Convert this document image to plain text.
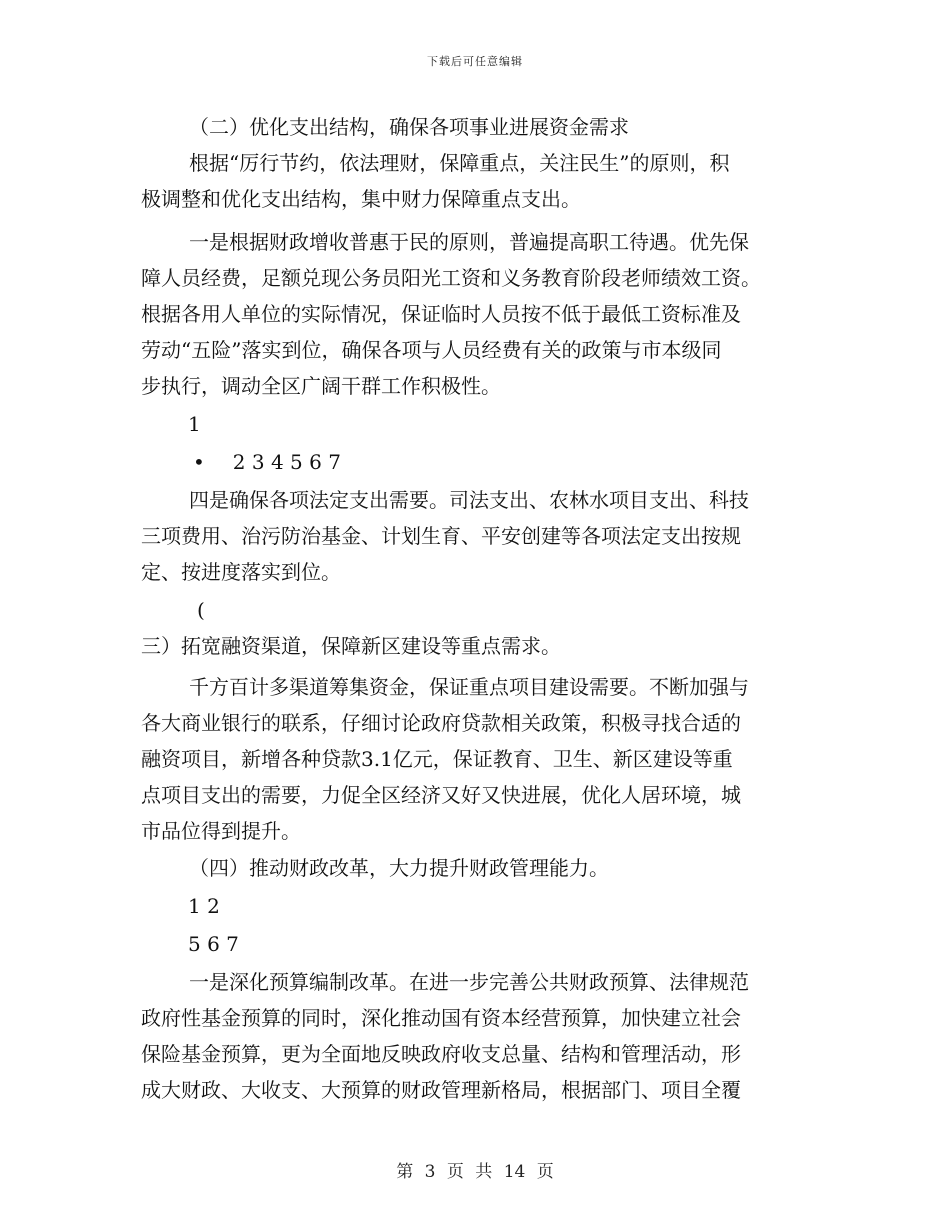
下载后可任意编辑
（二）优化支出结构，确保各项事业进展资金需求
根据“厉行节约，依法理财，保障重点，关注民生”的原则，积
极调整和优化支出结构，集中财力保障重点支出。
一是根据财政增收普惠于民的原则，普遍提高职工待遇。优先保
障人员经费，足额兑现公务员阳光工资和义务教育阶段老师绩效工资。
根据各用人单位的实际情况，保证临时人员按不低于最低工资标准及
劳动“五险”落实到位，确保各项与人员经费有关的政策与市本级同
步执行，调动全区广阔干群工作积极性。
1
• 2 3 4 5 6 7
四是确保各项法定支出需要。司法支出、农林水项目支出、科技
三项费用、治污防治基金、计划生育、平安创建等各项法定支出按规
定、按进度落实到位。
(
三）拓宽融资渠道，保障新区建设等重点需求。
千方百计多渠道筹集资金，保证重点项目建设需要。不断加强与
各大商业银行的联系，仔细讨论政府贷款相关政策，积极寻找合适的
融资项目，新增各种贷款3.1亿元，保证教育、卫生、新区建设等重
点项目支出的需要，力促全区经济又好又快进展，优化人居环境，城
市品位得到提升。
（四）推动财政改革，大力提升财政管理能力。
1 2
5 6 7
一是深化预算编制改革。在进一步完善公共财政预算、法律规范
政府性基金预算的同时，深化推动国有资本经营预算，加快建立社会
保险基金预算，更为全面地反映政府收支总量、结构和管理活动，形
成大财政、大收支、大预算的财政管理新格局，根据部门、项目全覆
第 3 页 共 14 页
